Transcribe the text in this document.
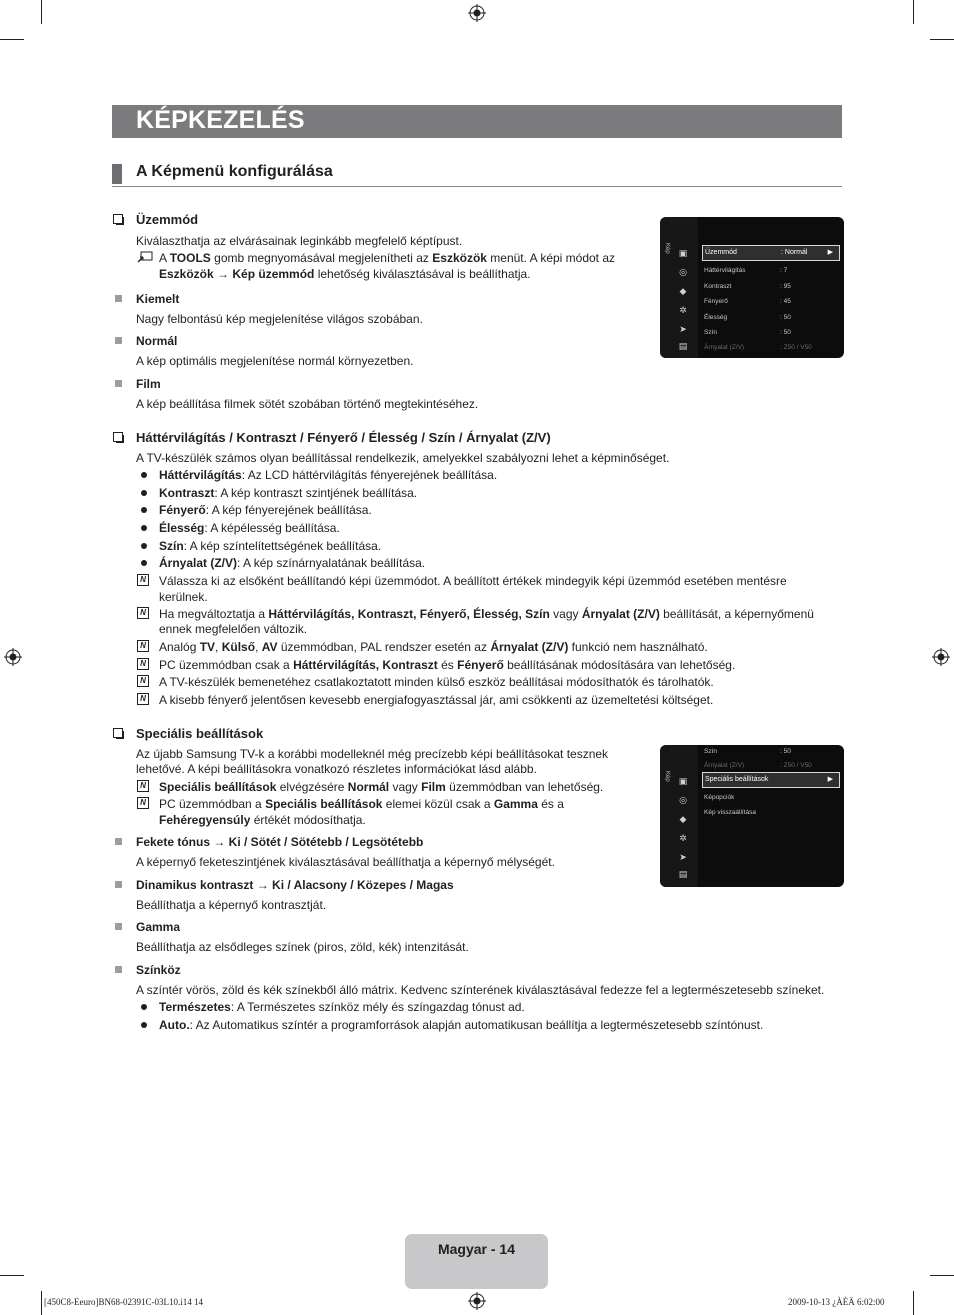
KÉPKEZELÉS
A Képmenü konfigurálása
Üzemmód
Kiválaszthatja az elvárásainak leginkább megfelelő képtípust.
A TOOLS gomb megnyomásával megjelenítheti az Eszközök menüt. A képi módot az
Eszközök → Kép üzemmód lehetőség kiválasztásával is beállíthatja.
Kiemelt
Nagy felbontású kép megjelenítése világos szobában.
Normál
A kép optimális megjelenítése normál környezetben.
Film
A kép beállítása filmek sötét szobában történő megtekintéséhez.
Kép ▣
◎
◆
✲
➤
▤
Üzemmód	: Normál	▶
Háttérvilágítás	: 7
Kontraszt	: 95
Fényerő	: 45
Élesség	: 50
Szín	: 50
Árnyalat (Z/V)	: Z50 / V50
Háttérvilágítás / Kontraszt / Fényerő / Élesség / Szín / Árnyalat (Z/V)
A TV-készülék számos olyan beállítással rendelkezik, amelyekkel szabályozni lehet a képminőséget.
Háttérvilágítás: Az LCD háttérvilágítás fényerejének beállítása.
Kontraszt: A kép kontraszt szintjének beállítása.
Fényerő: A kép fényerejének beállítása.
Élesség: A képélesség beállítása.
Szín: A kép színtelítettségének beállítása.
Árnyalat (Z/V): A kép színárnyalatának beállítása.
N Válassza ki az elsőként beállítandó képi üzemmódot. A beállított értékek mindegyik képi üzemmód esetében mentésre
kerülnek.
N Ha megváltoztatja a Háttérvilágítás, Kontraszt, Fényerő, Élesség, Szín vagy Árnyalat (Z/V) beállítását, a képernyőmenü
ennek megfelelően változik.
N Analóg TV, Külső, AV üzemmódban, PAL rendszer esetén az Árnyalat (Z/V) funkció nem használható.
N PC üzemmódban csak a Háttérvilágítás, Kontraszt és Fényerő beállításának módosítására van lehetőség.
N A TV-készülék bemenetéhez csatlakoztatott minden külső eszköz beállításai módosíthatók és tárolhatók.
N A kisebb fényerő jelentősen kevesebb energiafogyasztással jár, ami csökkenti az üzemeltetési költséget.
Speciális beállítások
Az újabb Samsung TV-k a korábbi modelleknél még precízebb képi beállításokat tesznek
lehetővé. A képi beállításokra vonatkozó részletes információkat lásd alább.
N Speciális beállítások elvégzésére Normál vagy Film üzemmódban van lehetőség.
N PC üzemmódban a Speciális beállítások elemei közül csak a Gamma és a
Fehéregyensúly értékét módosíthatja.
Fekete tónus → Ki / Sötét / Sötétebb / Legsötétebb
A képernyő feketeszintjének kiválasztásával beállíthatja a képernyő mélységét.
Dinamikus kontraszt → Ki / Alacsony / Közepes / Magas
Beállíthatja a képernyő kontrasztját.
Gamma
Beállíthatja az elsődleges színek (piros, zöld, kék) intenzitását.
Színköz
A színtér vörös, zöld és kék színekből álló mátrix. Kedvenc színterének kiválasztásával fedezze fel a legtermészetesebb színeket.
Természetes: A Természetes színköz mély és színgazdag tónust ad.
Auto.: Az Automatikus színtér a programforrások alapján automatikusan beállítja a legtermészetesebb színtónust.
Kép ▣
◎
◆
✲
➤
▤
Szín	: 50
Árnyalat (Z/V)	: Z50 / V50
Speciális beállítások	▶
Képopciók
Kép visszaállítása
Magyar - 14
[450C8-Eeuro]BN68-02391C-03L10.i14 14	2009-10-13 ¿ÀÈÄ 6:02:00
